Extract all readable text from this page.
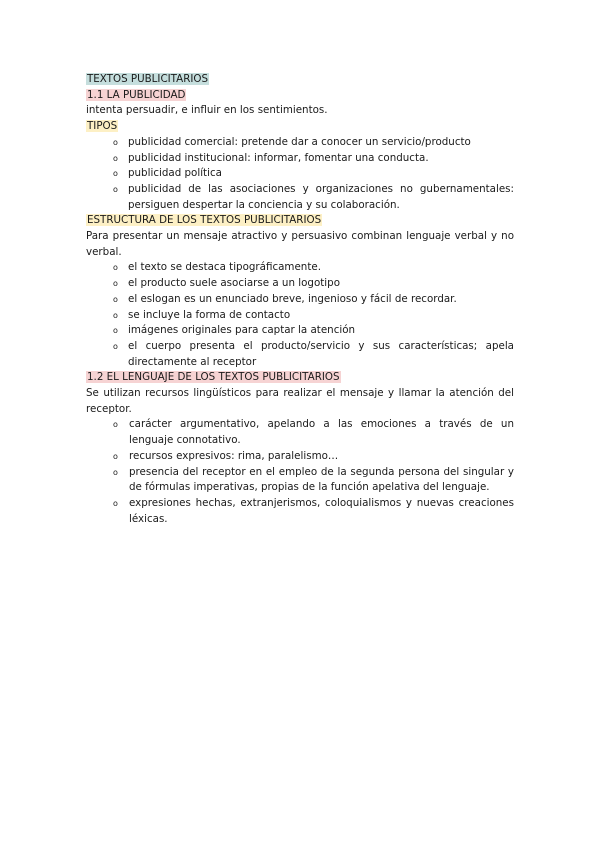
TEXTOS PUBLICITARIOS

1.1 LA PUBLICIDAD

intenta persuadir, e influir en los sentimientos.

TIPOS

o publicidad comercial: pretende dar a conocer un servicio/producto
o publicidad institucional: informar, fomentar una conducta.
o publicidad política
o publicidad de las asociaciones y organizaciones no gubernamentales: persiguen despertar la conciencia y su colaboración.

ESTRUCTURA DE LOS TEXTOS PUBLICITARIOS

Para presentar un mensaje atractivo y persuasivo combinan lenguaje verbal y no verbal.

o el texto se destaca tipográficamente.
o el producto suele asociarse a un logotipo
o el eslogan es un enunciado breve, ingenioso y fácil de recordar.
o se incluye la forma de contacto
o imágenes originales para captar la atención
o el cuerpo presenta el producto/servicio y sus características; apela directamente al receptor

1.2 EL LENGUAJE DE LOS TEXTOS PUBLICITARIOS

Se utilizan recursos lingüísticos para realizar el mensaje y llamar la atención del receptor.

o carácter argumentativo, apelando a las emociones a través de un lenguaje connotativo.
o recursos expresivos: rima, paralelismo…
o presencia del receptor en el empleo de la segunda persona del singular y de fórmulas imperativas, propias de la función apelativa del lenguaje.
o expresiones hechas, extranjerismos, coloquialismos y nuevas creaciones léxicas.
